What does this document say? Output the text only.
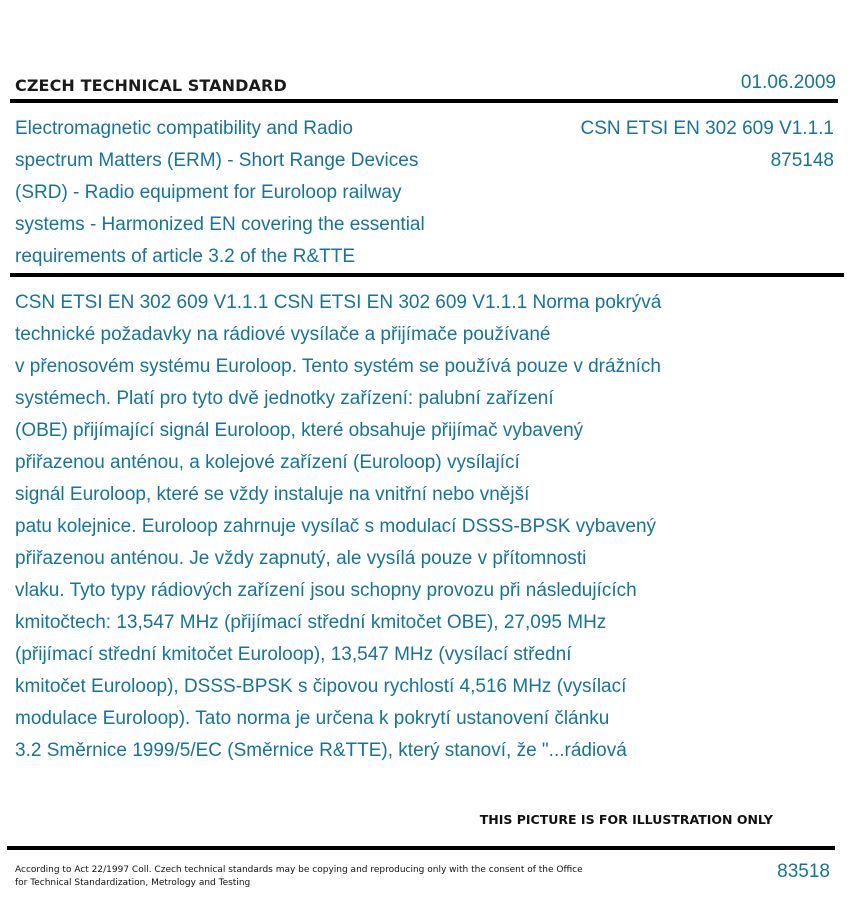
CZECH TECHNICAL STANDARD	01.06.2009
Electromagnetic compatibility and Radio
spectrum Matters (ERM) - Short Range Devices
(SRD) - Radio equipment for Euroloop railway
systems - Harmonized EN covering the essential
requirements of article 3.2 of the R&TTE
CSN ETSI EN 302 609 V1.1.1
875148
CSN ETSI EN 302 609 V1.1.1 CSN ETSI EN 302 609 V1.1.1 Norma pokrývá
technické požadavky na rádiové vysílače a přijímače používané
v přenosovém systému Euroloop. Tento systém se používá pouze v drážních
systémech. Platí pro tyto dvě jednotky zařízení: palubní zařízení
(OBE) přijímající signál Euroloop, které obsahuje přijímač vybavený
přiřazenou anténou, a kolejové zařízení (Euroloop) vysílající
signál Euroloop, které se vždy instaluje na vnitřní nebo vnější
patu kolejnice. Euroloop zahrnuje vysílač s modulací DSSS-BPSK vybavený
přiřazenou anténou. Je vždy zapnutý, ale vysílá pouze v přítomnosti
vlaku. Tyto typy rádiových zařízení jsou schopny provozu při následujících
kmitočtech: 13,547 MHz (přijímací střední kmitočet OBE), 27,095 MHz
(přijímací střední kmitočet Euroloop), 13,547 MHz (vysílací střední
kmitočet Euroloop), DSSS-BPSK s čipovou rychlostí 4,516 MHz (vysílací
modulace Euroloop). Tato norma je určena k pokrytí ustanovení článku
3.2 Směrnice 1999/5/EC (Směrnice R&TTE), který stanoví, že "...rádiová
THIS PICTURE IS FOR ILLUSTRATION ONLY
According to Act 22/1997 Coll. Czech technical standards may be copying and reproducing only with the consent of the Office
for Technical Standardization, Metrology and Testing
83518
